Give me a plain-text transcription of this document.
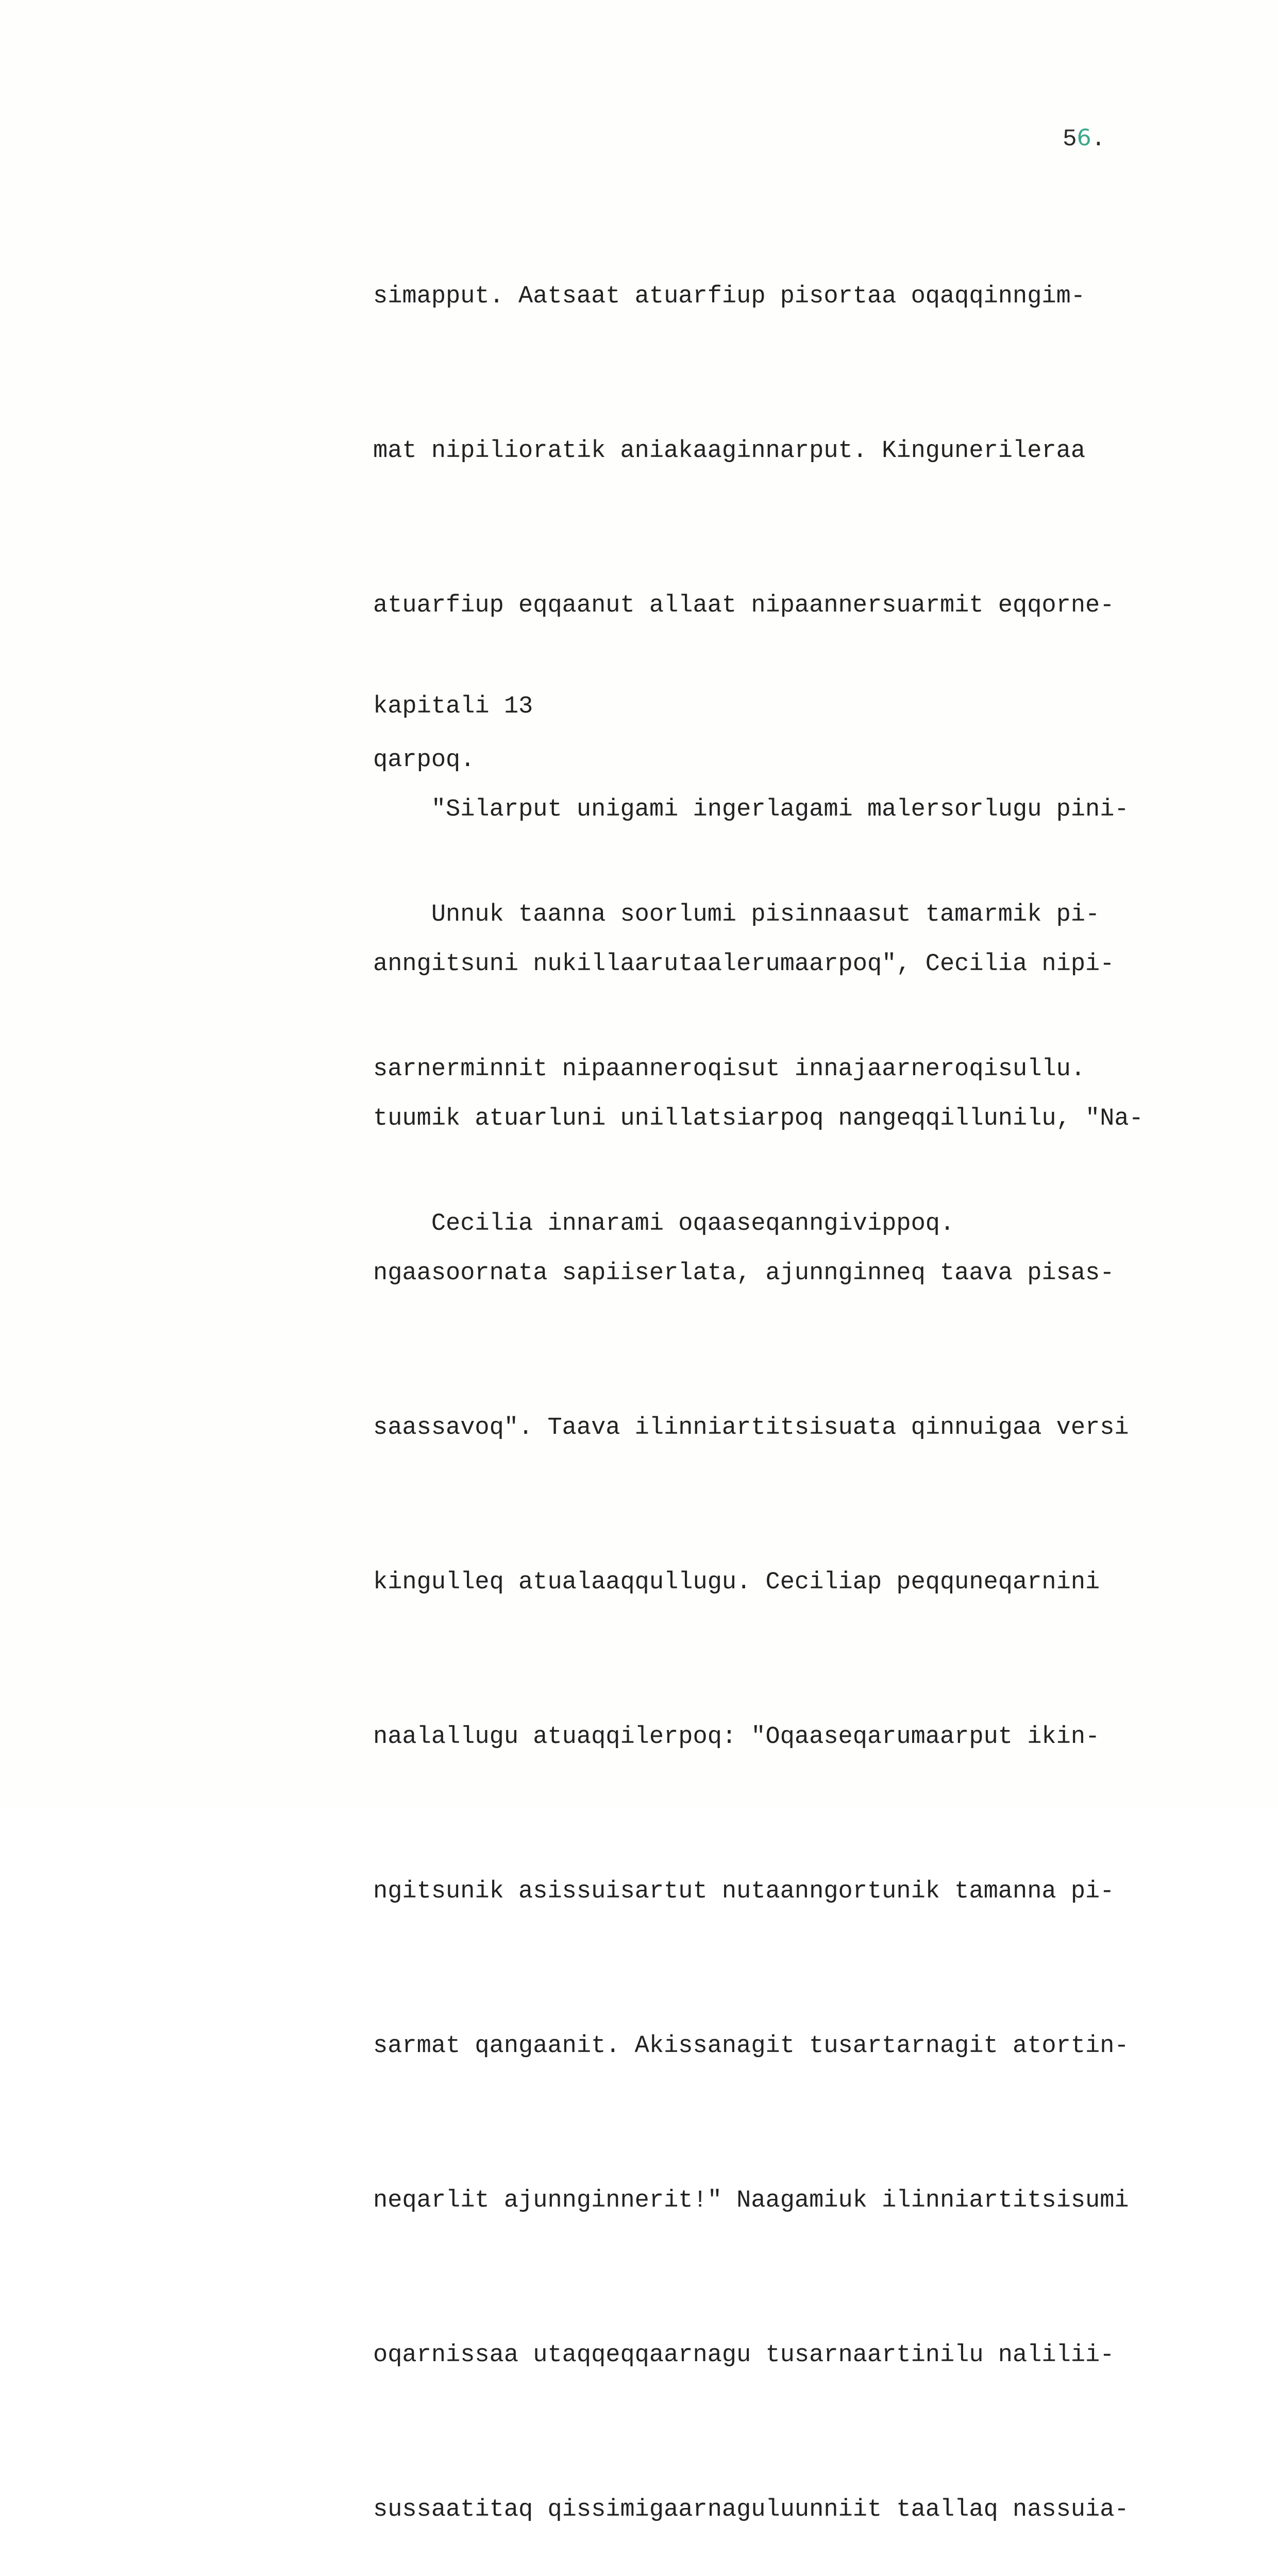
56.

simapput. Aatsaat atuarfiup pisortaa oqaqqinngim-

mat nipilioratik aniakaaginnarput. Kingunerileraa

atuarfiup eqqaanut allaat nipaannersuarmit eqqorne-

qarpoq.

Unnuk taanna soorlumi pisinnaasut tamarmik pi-

sarnerminnit nipaanneroqisut innajaarneroqisullu.

Cecilia innarami oqaaseqanngivippoq.

kapitali 13

"Silarput unigami ingerlagami malersorlugu pini-

anngitsuni nukillaarutaalerumaarpoq", Cecilia nipi-

tuumik atuarluni unillatsiarpoq nangeqqillunilu, "Na-

ngaasoornata sapiiserlata, ajunnginneq taava pisas-

saassavoq". Taava ilinniartitsisuata qinnuigaa versi

kingulleq atualaaqqullugu. Ceciliap peqquneqarnini

naalallugu atuaqqilerpoq: "Oqaaseqarumaarput ikin-

ngitsunik asissuisartut nutaanngortunik tamanna pi-

sarmat qangaanit. Akissanagit tusartarnagit atortin-

neqarlit ajunnginnerit!" Naagamiuk ilinniartitsisumi

oqarnissaa utaqqeqqaarnagu tusarnaartinilu nalilii-

sussaatitaq qissimigaarnaguluunniit taallaq nassuia-
